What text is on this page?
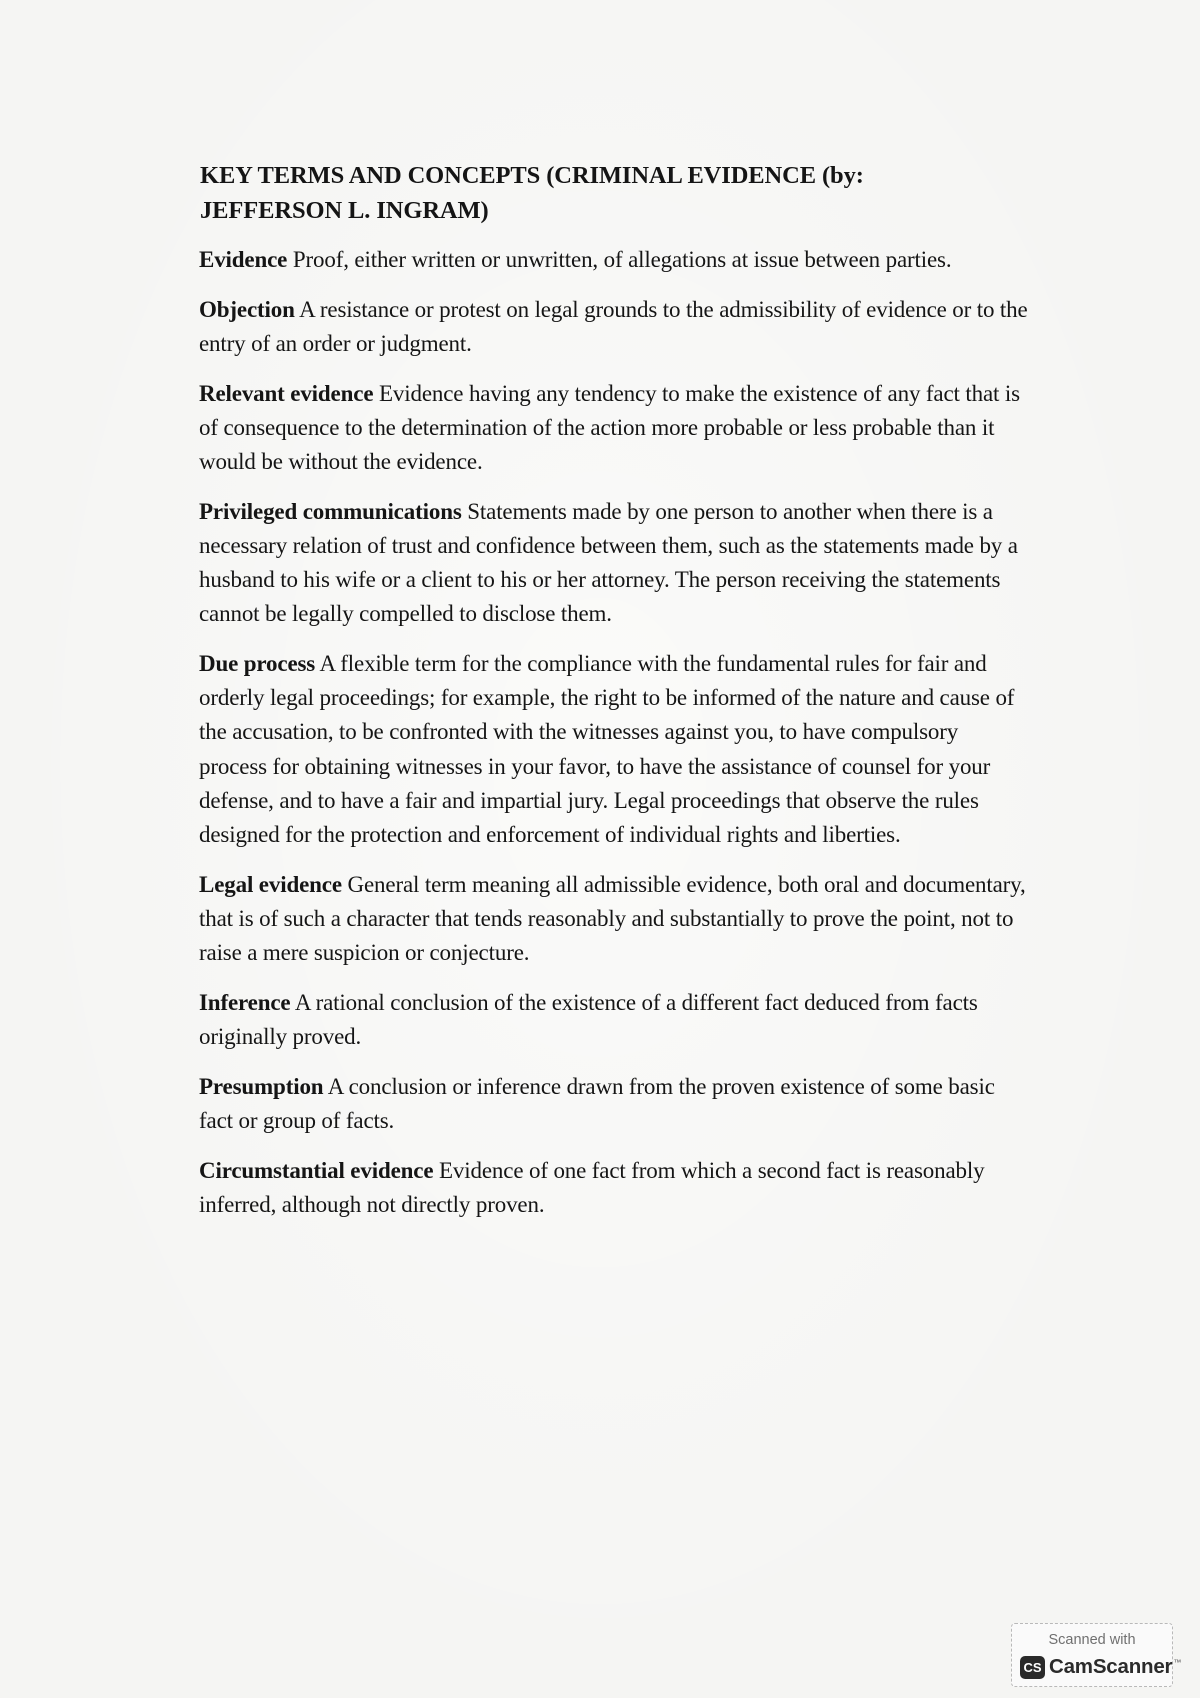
KEY TERMS AND CONCEPTS (CRIMINAL EVIDENCE (by:
JEFFERSON L. INGRAM)

Evidence Proof, either written or unwritten, of allegations at issue between parties.

Objection A resistance or protest on legal grounds to the admissibility of evidence or to the entry of an order or judgment.

Relevant evidence Evidence having any tendency to make the existence of any fact that is of consequence to the determination of the action more probable or less probable than it would be without the evidence.

Privileged communications Statements made by one person to another when there is a necessary relation of trust and confidence between them, such as the statements made by a husband to his wife or a client to his or her attorney. The person receiving the statements cannot be legally compelled to disclose them.

Due process A flexible term for the compliance with the fundamental rules for fair and orderly legal proceedings; for example, the right to be informed of the nature and cause of the accusation, to be confronted with the witnesses against you, to have compulsory process for obtaining witnesses in your favor, to have the assistance of counsel for your defense, and to have a fair and impartial jury. Legal proceedings that observe the rules designed for the protection and enforcement of individual rights and liberties.

Legal evidence General term meaning all admissible evidence, both oral and documentary, that is of such a character that tends reasonably and substantially to prove the point, not to raise a mere suspicion or conjecture.

Inference A rational conclusion of the existence of a different fact deduced from facts originally proved.

Presumption A conclusion or inference drawn from the proven existence of some basic fact or group of facts.

Circumstantial evidence Evidence of one fact from which a second fact is reasonably inferred, although not directly proven.

Scanned with
CS CamScanner ™
